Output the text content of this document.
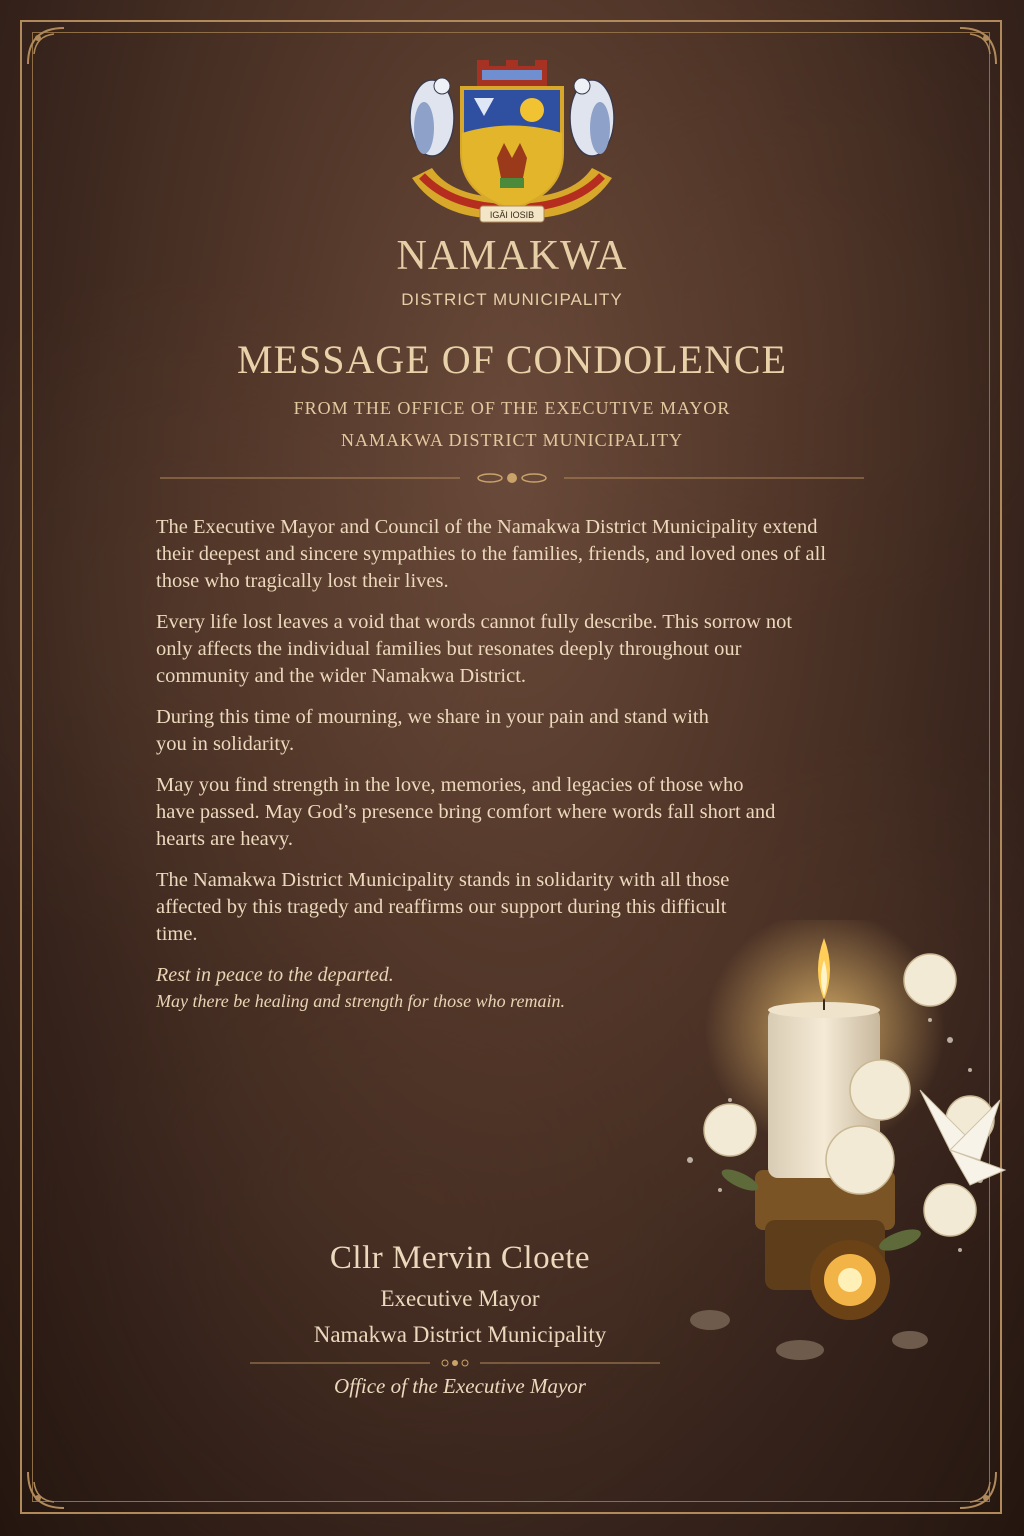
IGÂI ǀOSIB
NAMAKWA
DISTRICT MUNICIPALITY
MESSAGE OF CONDOLENCE
FROM THE OFFICE OF THE EXECUTIVE MAYOR
NAMAKWA DISTRICT MUNICIPALITY

The Executive Mayor and Council of the Namakwa District Municipality extend their deepest and sincere sympathies to the families, friends, and loved ones of all those who tragically lost their lives.

Every life lost leaves a void that words cannot fully describe. This sorrow not only affects the individual families but resonates deeply throughout our community and the wider Namakwa District.

During this time of mourning, we share in your pain and stand with you in solidarity.

May you find strength in the love, memories, and legacies of those who have passed. May God’s presence bring comfort where words fall short and hearts are heavy.

The Namakwa District Municipality stands in solidarity with all those affected by this tragedy and reaffirms our support during this difficult time.

Rest in peace to the departed.
May there be healing and strength for those who remain.
Cllr Mervin Cloete
Executive Mayor
Namakwa District Municipality
Office of the Executive Mayor
